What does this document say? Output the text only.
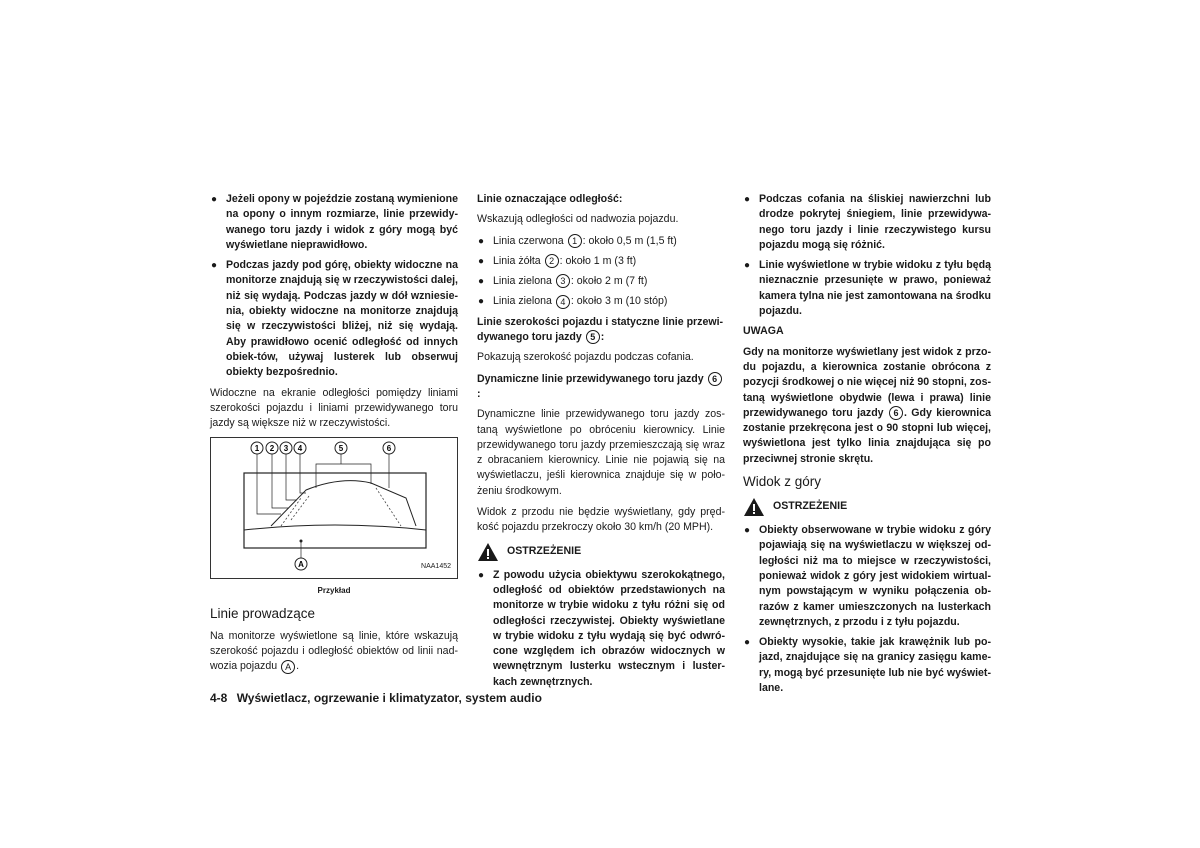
● Jeżeli opony w pojeździe zostaną wymienione na opony o innym rozmiarze, linie przewidy-wanego toru jazdy i widok z góry mogą być wyświetlane nieprawidłowo.
● Podczas jazdy pod górę, obiekty widoczne na monitorze znajdują się w rzeczywistości dalej, niż się wydają. Podczas jazdy w dół wzniesie-nia, obiekty widoczne na monitorze znajdują się w rzeczywistości bliżej, niż się wydają. Aby prawidłowo ocenić odległość od innych obiek-tów, używaj lusterek lub obserwuj obiekty bezpośrednio.

Widoczne na ekranie odległości pomiędzy liniami szerokości pojazdu i liniami przewidywanego toru jazdy są większe niż w rzeczywistości.

1 2 3 4	5	6
A	NAA1452
Przykład
Linie prowadzące

Na monitorze wyświetlone są linie, które wskazują szerokość pojazdu i odległość obiektów od linii nad-wozia pojazdu A .

Linie oznaczające odległość:

Wskazują odległości od nadwozia pojazdu.

● Linia czerwona 1 : około 0,5 m (1,5 ft)
● Linia żółta 2 : około 1 m (3 ft)
● Linia zielona 3 : około 2 m (7 ft)
● Linia zielona 4 : około 3 m (10 stóp)
Linie szerokości pojazdu i statyczne linie przewi-dywanego toru jazdy 5 :

Pokazują szerokość pojazdu podczas cofania.

Dynamiczne linie przewidywanego toru jazdy 6:

Dynamiczne linie przewidywanego toru jazdy zos-taną wyświetlone po obróceniu kierownicy. Linie przewidywanego toru jazdy przemieszczają się wraz z obracaniem kierownicy. Linie nie pojawią się na wyświetlaczu, jeśli kierownica znajduje się w poło-żeniu środkowym.

Widok z przodu nie będzie wyświetlany, gdy pręd-kość pojazdu przekroczy około 30 km/h (20 MPH).

OSTRZEŻENIE
● Z powodu użycia obiektywu szerokokątnego, odległość od obiektów przedstawionych na monitorze w trybie widoku z tyłu różni się od odległości rzeczywistej. Obiekty wyświetlane w trybie widoku z tyłu wydają się być odwró-cone względem ich obrazów widocznych w wewnętrznym lusterku wstecznym i luster-kach zewnętrznych.
● Podczas cofania na śliskiej nawierzchni lub drodze pokrytej śniegiem, linie przewidywa-nego toru jazdy i linie rzeczywistego kursu pojazdu mogą się różnić.
● Linie wyświetlone w trybie widoku z tyłu będą nieznacznie przesunięte w prawo, ponieważ kamera tylna nie jest zamontowana na środku pojazdu.
UWAGA

Gdy na monitorze wyświetlany jest widok z przo-du pojazdu, a kierownica zostanie obrócona z pozycji środkowej o nie więcej niż 90 stopni, zos-taną wyświetlone obydwie (lewa i prawa) linie przewidywanego toru jazdy 6 . Gdy kierownica zostanie przekręcona jest o 90 stopni lub więcej, wyświetlona jest tylko linia znajdująca się po przeciwnej stronie skrętu.

Widok z góry
OSTRZEŻENIE
● Obiekty obserwowane w trybie widoku z góry pojawiają się na wyświetlaczu w większej od-ległości niż ma to miejsce w rzeczywistości, ponieważ widok z góry jest widokiem wirtual-nym powstającym w wyniku połączenia ob-razów z kamer umieszczonych na lusterkach zewnętrznych, z przodu i z tyłu pojazdu.
● Obiekty wysokie, takie jak krawężnik lub po-jazd, znajdujące się na granicy zasięgu kame-ry, mogą być przesunięte lub nie być wyświet-lane.
4-8 Wyświetlacz, ogrzewanie i klimatyzator, system audio
